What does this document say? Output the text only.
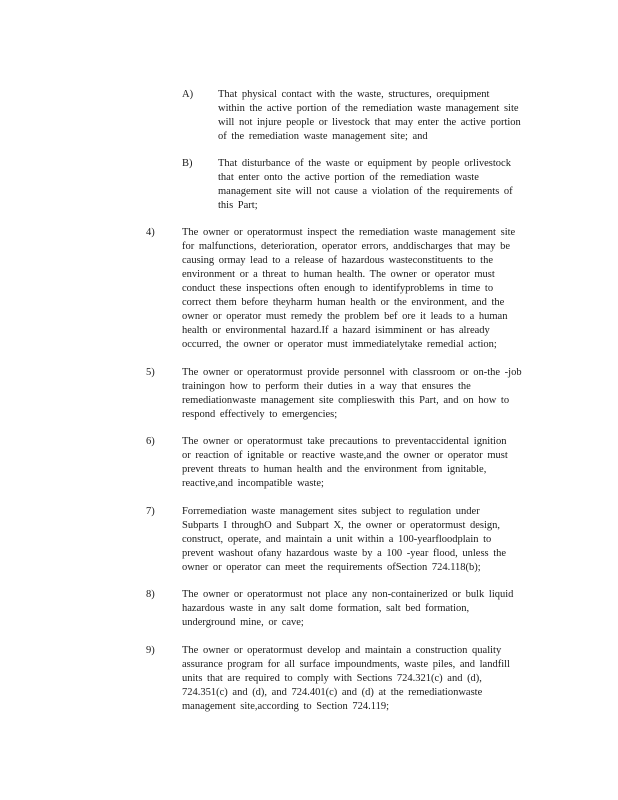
A) That physical contact with the waste, structures, orequipment
within the active portion of the remediation waste management site
will not injure people or livestock that may enter the active portion
of the remediation waste management site; and
B) That disturbance of the waste or equipment by people orlivestock
that enter onto the active portion of the remediation waste
management site will not cause a violation of the requirements of
this Part;
4)	The owner or operatormust inspect the remediation waste management site
for malfunctions, deterioration, operator errors, anddischarges that may be
causing ormay lead to a release of hazardous wasteconstituents to the
environment or a threat to human health. The owner or operator must
conduct these inspections often enough to identifyproblems in time to
correct them before theyharm human health or the environment, and the
owner or operator must remedy the problem bef ore it leads to a human
health or environmental hazard.If a hazard isimminent or has already
occurred, the owner or operator must immediatelytake remedial action;
5)	The owner or operatormust provide personnel with classroom or on-the -job
trainingon how to perform their duties in a way that ensures the
remediationwaste management site complieswith this Part, and on how to
respond effectively to emergencies;
6)	The owner or operatormust take precautions to preventaccidental ignition
or reaction of ignitable or reactive waste,and the owner or operator must
prevent threats to human health and the environment from ignitable,
reactive,and incompatible waste;
7)	Forremediation waste management sites subject to regulation under
Subparts I throughO and Subpart X, the owner or operatormust design,
construct, operate, and maintain a unit within a 100-yearfloodplain to
prevent washout ofany hazardous waste by a 100 -year flood, unless the
owner or operator can meet the requirements ofSection 724.118(b);
8)	The owner or operatormust not place any non-containerized or bulk liquid
hazardous waste in any salt dome formation, salt bed formation,
underground mine, or cave;
9)	The owner or operatormust develop and maintain a construction quality
assurance program for all surface impoundments, waste piles, and landfill
units that are required to comply with Sections 724.321(c) and (d),
724.351(c) and (d), and 724.401(c) and (d) at the remediationwaste
management site,according to Section 724.119;
